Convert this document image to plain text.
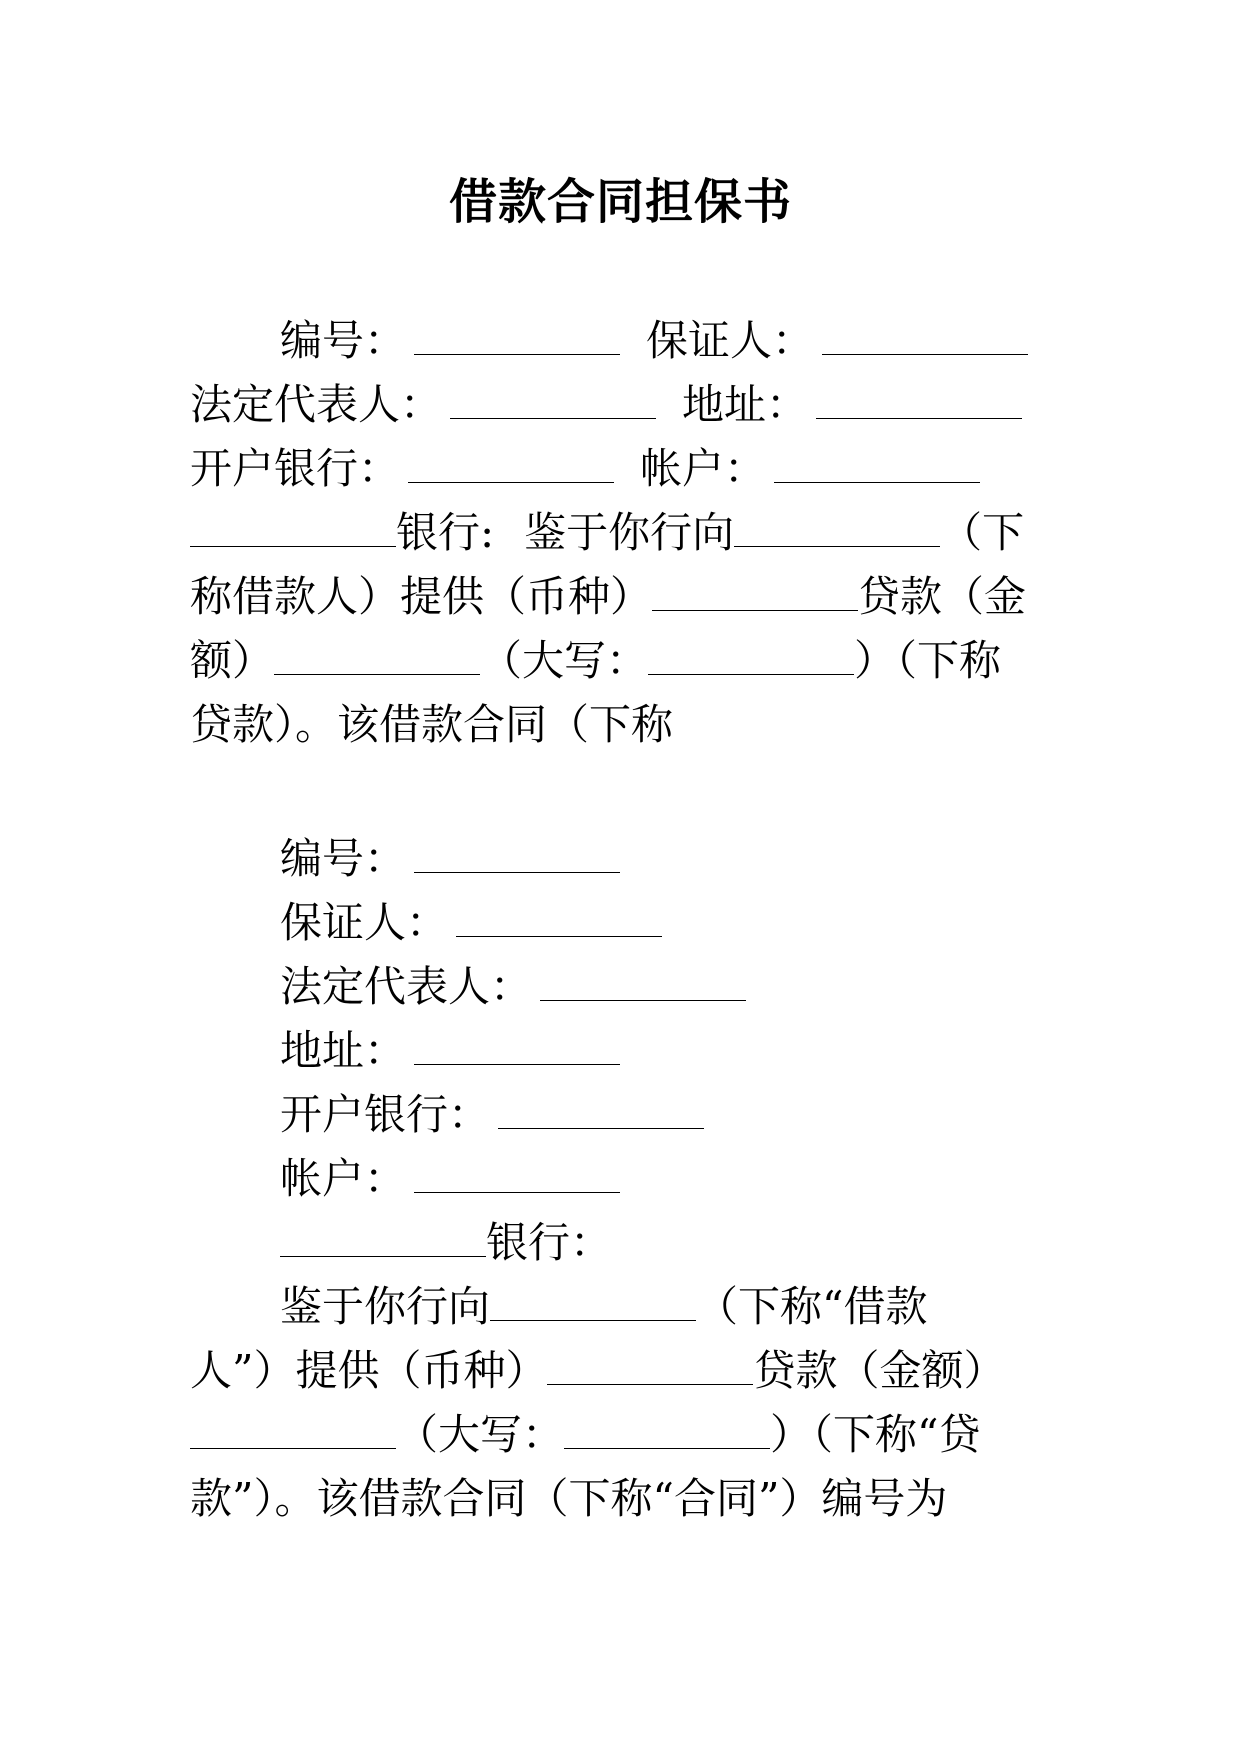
借款合同担保书
编号：	保证人：
法定代表人：	地址：
开户银行：	帐户：
银行: 鉴于你行向	（下
称借款人）提供（币种）	贷款（金
额）	（大写：	）（下称
贷款）。该借款合同（下称
编号：
保证人：
法定代表人：
地址：
开户银行：
帐户：
银行：
鉴于你行向	（下称“借款
人”）提供（币种）	贷款（金额）
（大写：	）（下称“贷
款”）。该借款合同（下称“合同”）编号为
